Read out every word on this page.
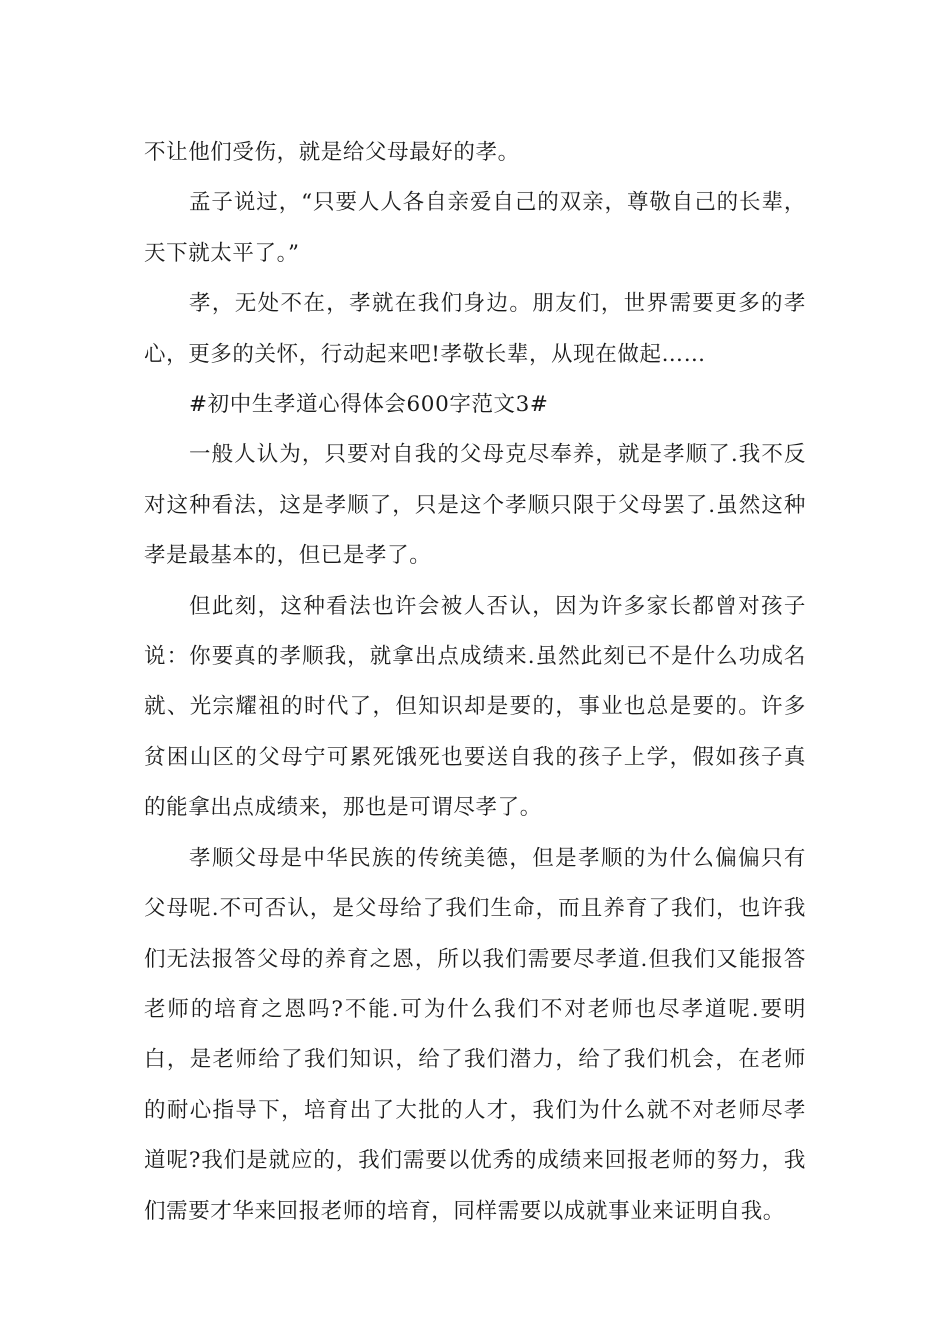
不让他们受伤，就是给父母最好的孝。

孟子说过，“只要人人各自亲爱自己的双亲，尊敬自己的长辈，天下就太平了。”

孝，无处不在，孝就在我们身边。朋友们，世界需要更多的孝心，更多的关怀，行动起来吧!孝敬长辈，从现在做起……

#初中生孝道心得体会600字范文3#

一般人认为，只要对自我的父母克尽奉养，就是孝顺了.我不反对这种看法，这是孝顺了，只是这个孝顺只限于父母罢了.虽然这种孝是最基本的，但已是孝了。

但此刻，这种看法也许会被人否认，因为许多家长都曾对孩子说：你要真的孝顺我，就拿出点成绩来.虽然此刻已不是什么功成名就、光宗耀祖的时代了，但知识却是要的，事业也总是要的。许多贫困山区的父母宁可累死饿死也要送自我的孩子上学，假如孩子真的能拿出点成绩来，那也是可谓尽孝了。

孝顺父母是中华民族的传统美德，但是孝顺的为什么偏偏只有父母呢.不可否认，是父母给了我们生命，而且养育了我们，也许我们无法报答父母的养育之恩，所以我们需要尽孝道.但我们又能报答老师的培育之恩吗?不能.可为什么我们不对老师也尽孝道呢.要明白，是老师给了我们知识，给了我们潜力，给了我们机会，在老师的耐心指导下，培育出了大批的人才，我们为什么就不对老师尽孝道呢?我们是就应的，我们需要以优秀的成绩来回报老师的努力，我们需要才华来回报老师的培育，同样需要以成就事业来证明自我。
